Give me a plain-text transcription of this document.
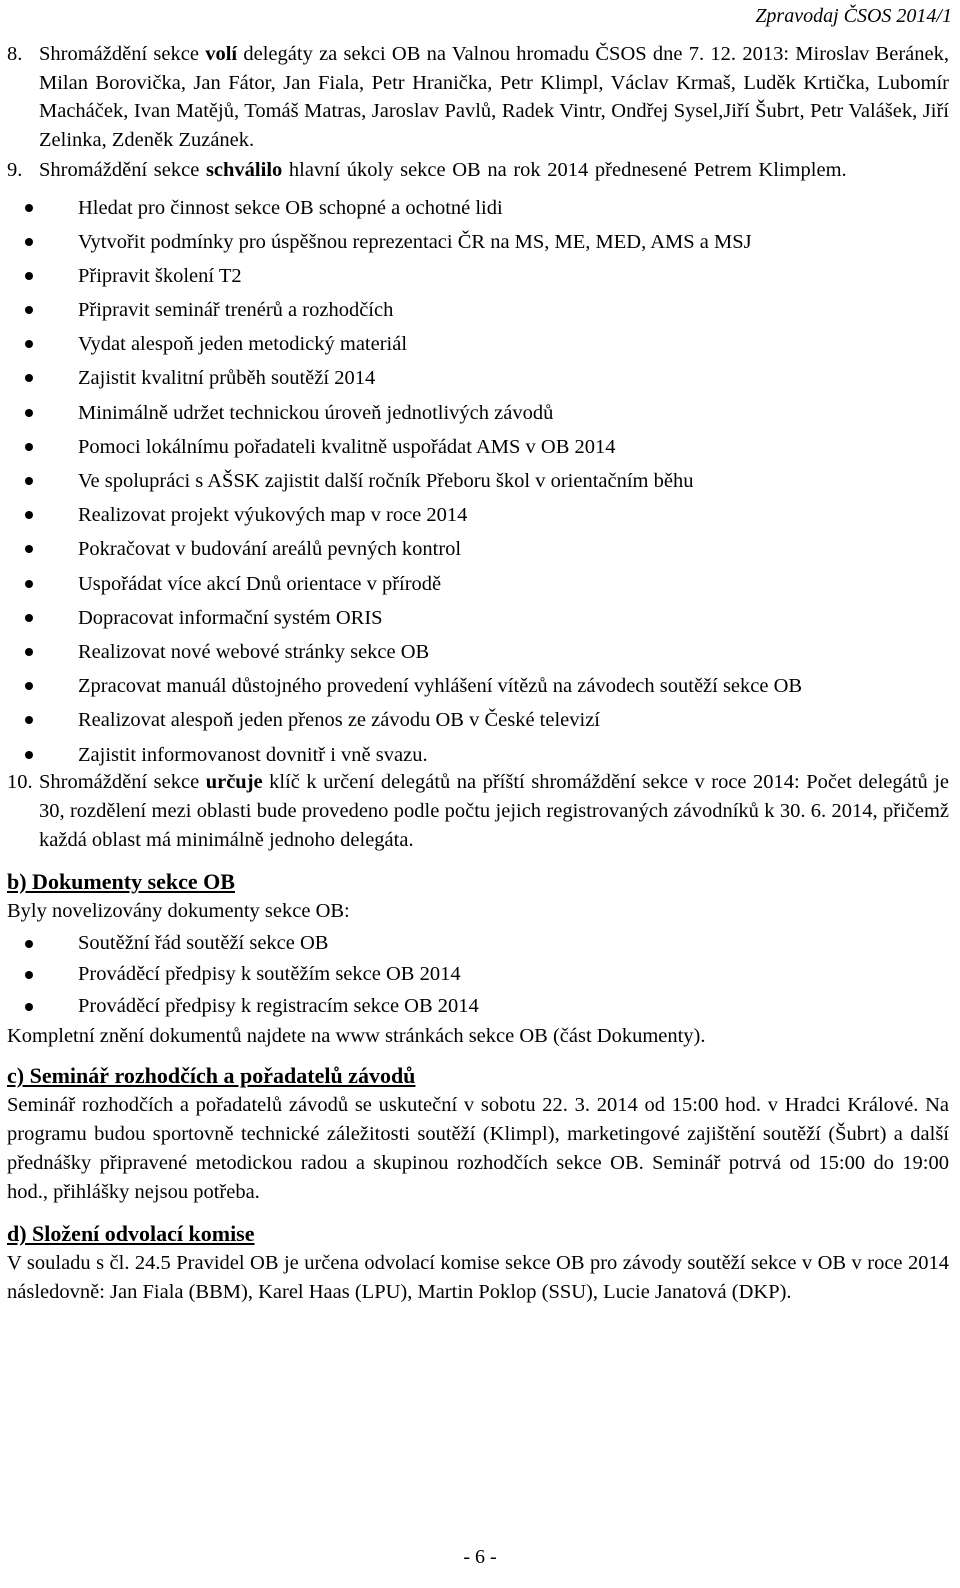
Zpravodaj ČSOS 2014/1
8. Shromáždění sekce volí delegáty za sekci OB na Valnou hromadu ČSOS dne 7. 12. 2013: Miroslav Beránek, Milan Borovička, Jan Fátor, Jan Fiala, Petr Hranička, Petr Klimpl, Václav Krmaš, Luděk Krtička, Lubomír Macháček, Ivan Matějů, Tomáš Matras, Jaroslav Pavlů, Radek Vintr, Ondřej Sysel,Jiří Šubrt, Petr Valášek, Jiří Zelinka, Zdeněk Zuzánek.
9. Shromáždění sekce schválilo hlavní úkoly sekce OB na rok 2014 přednesené Petrem Klimplem.
Hledat pro činnost sekce OB schopné a ochotné lidi
Vytvořit podmínky pro úspěšnou reprezentaci ČR na MS, ME, MED, AMS a MSJ
Připravit školení T2
Připravit seminář trenérů a rozhodčích
Vydat alespoň jeden metodický materiál
Zajistit kvalitní průběh soutěží 2014
Minimálně udržet technickou úroveň jednotlivých závodů
Pomoci lokálnímu pořadateli kvalitně uspořádat AMS v OB 2014
Ve spolupráci s AŠSK zajistit další ročník Přeboru škol v orientačním běhu
Realizovat projekt výukových map v roce 2014
Pokračovat v budování areálů pevných kontrol
Uspořádat více akcí Dnů orientace v přírodě
Dopracovat informační systém ORIS
Realizovat nové webové stránky sekce OB
Zpracovat manuál důstojného provedení vyhlášení vítězů na závodech soutěží sekce OB
Realizovat alespoň jeden přenos ze závodu OB v České televizí
Zajistit informovanost dovnitř i vně svazu.
10. Shromáždění sekce určuje klíč k určení delegátů na příští shromáždění sekce v roce 2014: Počet delegátů je 30, rozdělení mezi oblasti bude provedeno podle počtu jejich registrovaných závodníků k 30. 6. 2014, přičemž každá oblast má minimálně jednoho delegáta.
b) Dokumenty sekce OB

Byly novelizovány dokumenty sekce OB:

Soutěžní řád soutěží sekce OB
Prováděcí předpisy k soutěžím sekce OB 2014
Prováděcí předpisy k registracím sekce OB 2014

Kompletní znění dokumentů najdete na www stránkách sekce OB (část Dokumenty).

c) Seminář rozhodčích a pořadatelů závodů

Seminář rozhodčích a pořadatelů závodů se uskuteční v sobotu 22. 3. 2014 od 15:00 hod. v Hradci Králové. Na programu budou sportovně technické záležitosti soutěží (Klimpl), marketingové zajištění soutěží (Šubrt) a další přednášky připravené metodickou radou a skupinou rozhodčích sekce OB. Seminář potrvá od 15:00 do 19:00 hod., přihlášky nejsou potřeba.

d) Složení odvolací komise

V souladu s čl. 24.5 Pravidel OB je určena odvolací komise sekce OB pro závody soutěží sekce v OB v roce 2014 následovně: Jan Fiala (BBM), Karel Haas (LPU), Martin Poklop (SSU), Lucie Janatová (DKP).

- 6 -
